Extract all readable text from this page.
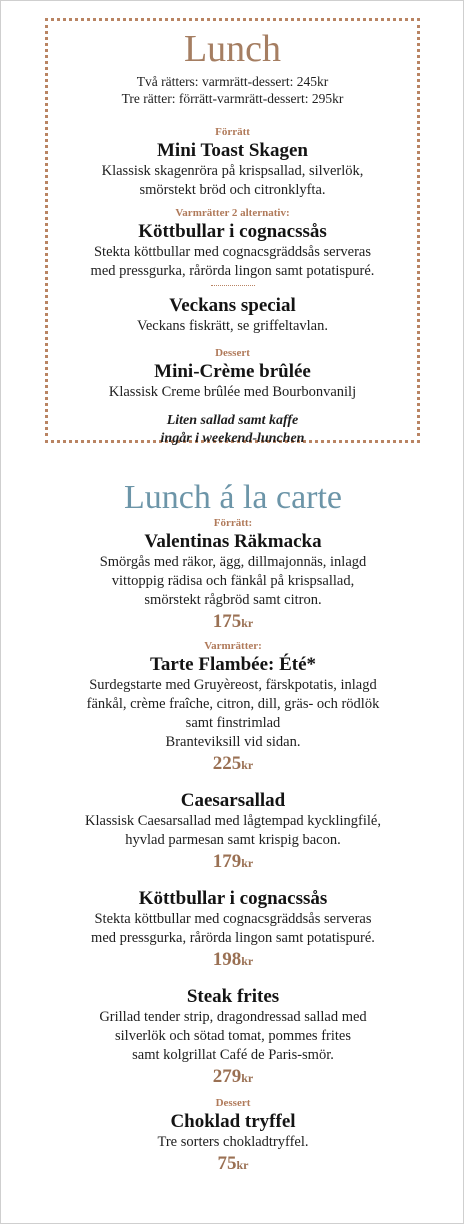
Lunch
Två rätters: varmrätt-dessert: 245kr
Tre rätter: förrätt-varmrätt-dessert: 295kr
Förrätt
Mini Toast Skagen
Klassisk skagenröra på krispsallad, silverlök,
smörstekt bröd och citronklyfta.
Varmrätter 2 alternativ:
Köttbullar i cognacssås
Stekta köttbullar med cognacsgräddsås serveras
med pressgurka, rårörda lingon samt potatispuré.
Veckans special
Veckans fiskrätt, se griffeltavlan.
Dessert
Mini-Crème brûlée
Klassisk Creme brûlée med Bourbonvanilj
Liten sallad samt kaffe
ingår i weekend-lunchen
Lunch á la carte
Förrätt:
Valentinas Räkmacka
Smörgås med räkor, ägg, dillmajonnäs, inlagd
vittoppig rädisa och fänkål på krispsallad,
smörstekt rågbröd samt citron.
175kr
Varmrätter:
Tarte Flambée: Été*
Surdegstarte med Gruyèreost, färskpotatis, inlagd
fänkål, crème fraîche, citron, dill, gräs- och rödlök
samt finstrimlad
Branteviksill vid sidan.
225kr
Caesarsallad
Klassisk Caesarsallad med lågtempad kycklingfilé,
hyvlad parmesan samt krispig bacon.
179kr
Köttbullar i cognacssås
Stekta köttbullar med cognacsgräddsås serveras
med pressgurka, rårörda lingon samt potatispuré.
198kr
Steak frites
Grillad tender strip, dragondressad sallad med
silverlök och sötad tomat, pommes frites
samt kolgrillat Café de Paris-smör.
279kr
Dessert
Choklad tryffel
Tre sorters chokladtryffel.
75kr
